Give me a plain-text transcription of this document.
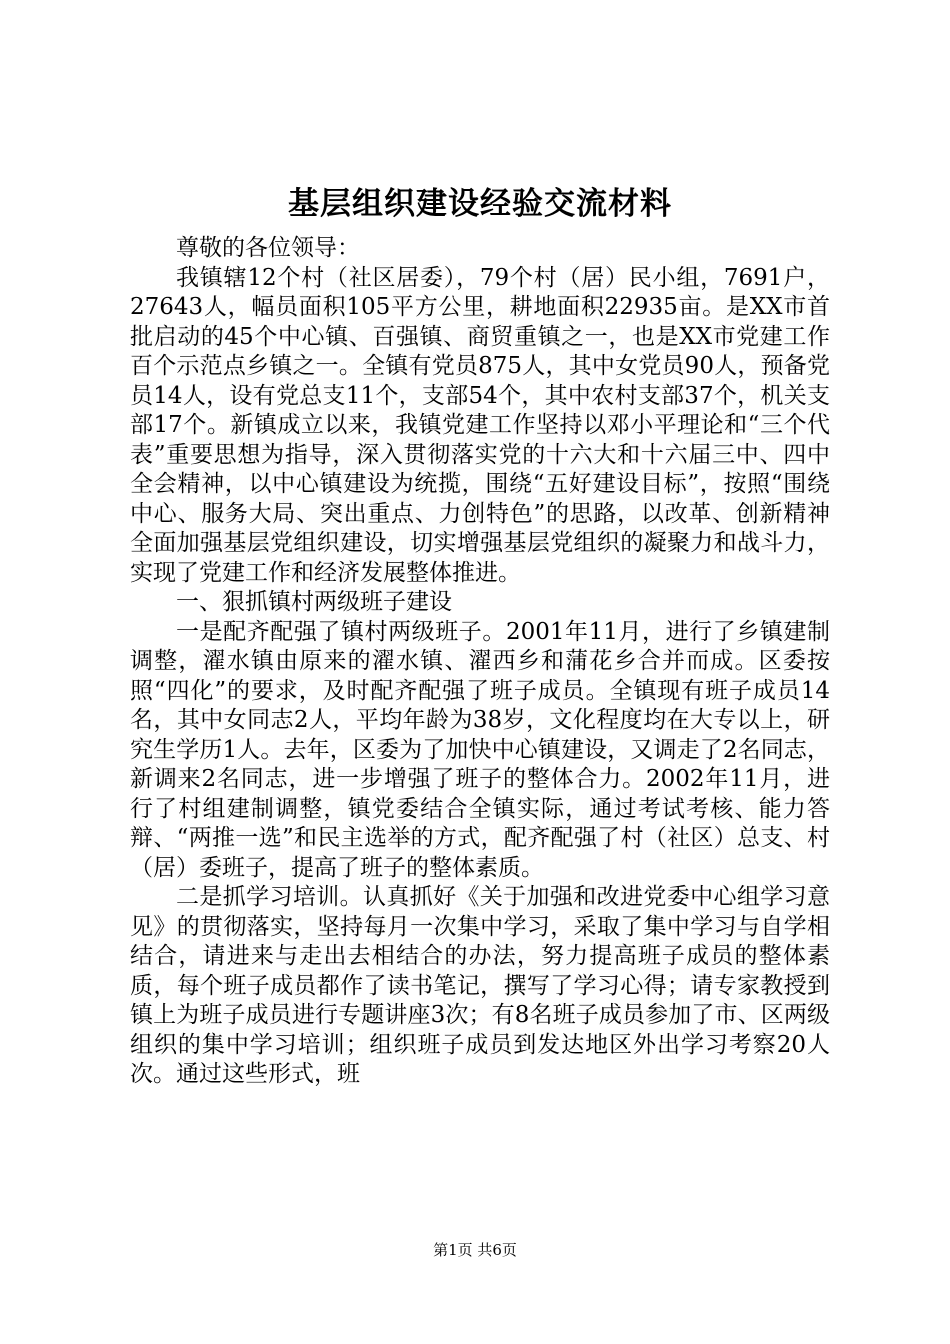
基层组织建设经验交流材料

尊敬的各位领导：

我镇辖12个村（社区居委），79个村（居）民小组，7691户，27643人，幅员面积105平方公里，耕地面积22935亩。是XX市首批启动的45个中心镇、百强镇、商贸重镇之一，也是XX市党建工作百个示范点乡镇之一。全镇有党员875人，其中女党员90人，预备党员14人，设有党总支11个，支部54个，其中农村支部37个，机关支部17个。新镇成立以来，我镇党建工作坚持以邓小平理论和“三个代表”重要思想为指导，深入贯彻落实党的十六大和十六届三中、四中全会精神，以中心镇建设为统揽，围绕“五好建设目标”，按照“围绕中心、服务大局、突出重点、力创特色”的思路，以改革、创新精神全面加强基层党组织建设，切实增强基层党组织的凝聚力和战斗力，实现了党建工作和经济发展整体推进。

一、狠抓镇村两级班子建设

一是配齐配强了镇村两级班子。2001年11月，进行了乡镇建制调整，濯水镇由原来的濯水镇、濯西乡和蒲花乡合并而成。区委按照“四化”的要求，及时配齐配强了班子成员。全镇现有班子成员14名，其中女同志2人，平均年龄为38岁，文化程度均在大专以上，研究生学历1人。去年，区委为了加快中心镇建设，又调走了2名同志，新调来2名同志，进一步增强了班子的整体合力。2002年11月，进行了村组建制调整，镇党委结合全镇实际，通过考试考核、能力答辩、“两推一选”和民主选举的方式，配齐配强了村（社区）总支、村（居）委班子，提高了班子的整体素质。

二是抓学习培训。认真抓好《关于加强和改进党委中心组学习意见》的贯彻落实，坚持每月一次集中学习，采取了集中学习与自学相结合，请进来与走出去相结合的办法，努力提高班子成员的整体素质，每个班子成员都作了读书笔记，撰写了学习心得；请专家教授到镇上为班子成员进行专题讲座3次；有8名班子成员参加了市、区两级组织的集中学习培训；组织班子成员到发达地区外出学习考察20人次。通过这些形式，班

第1页 共6页
